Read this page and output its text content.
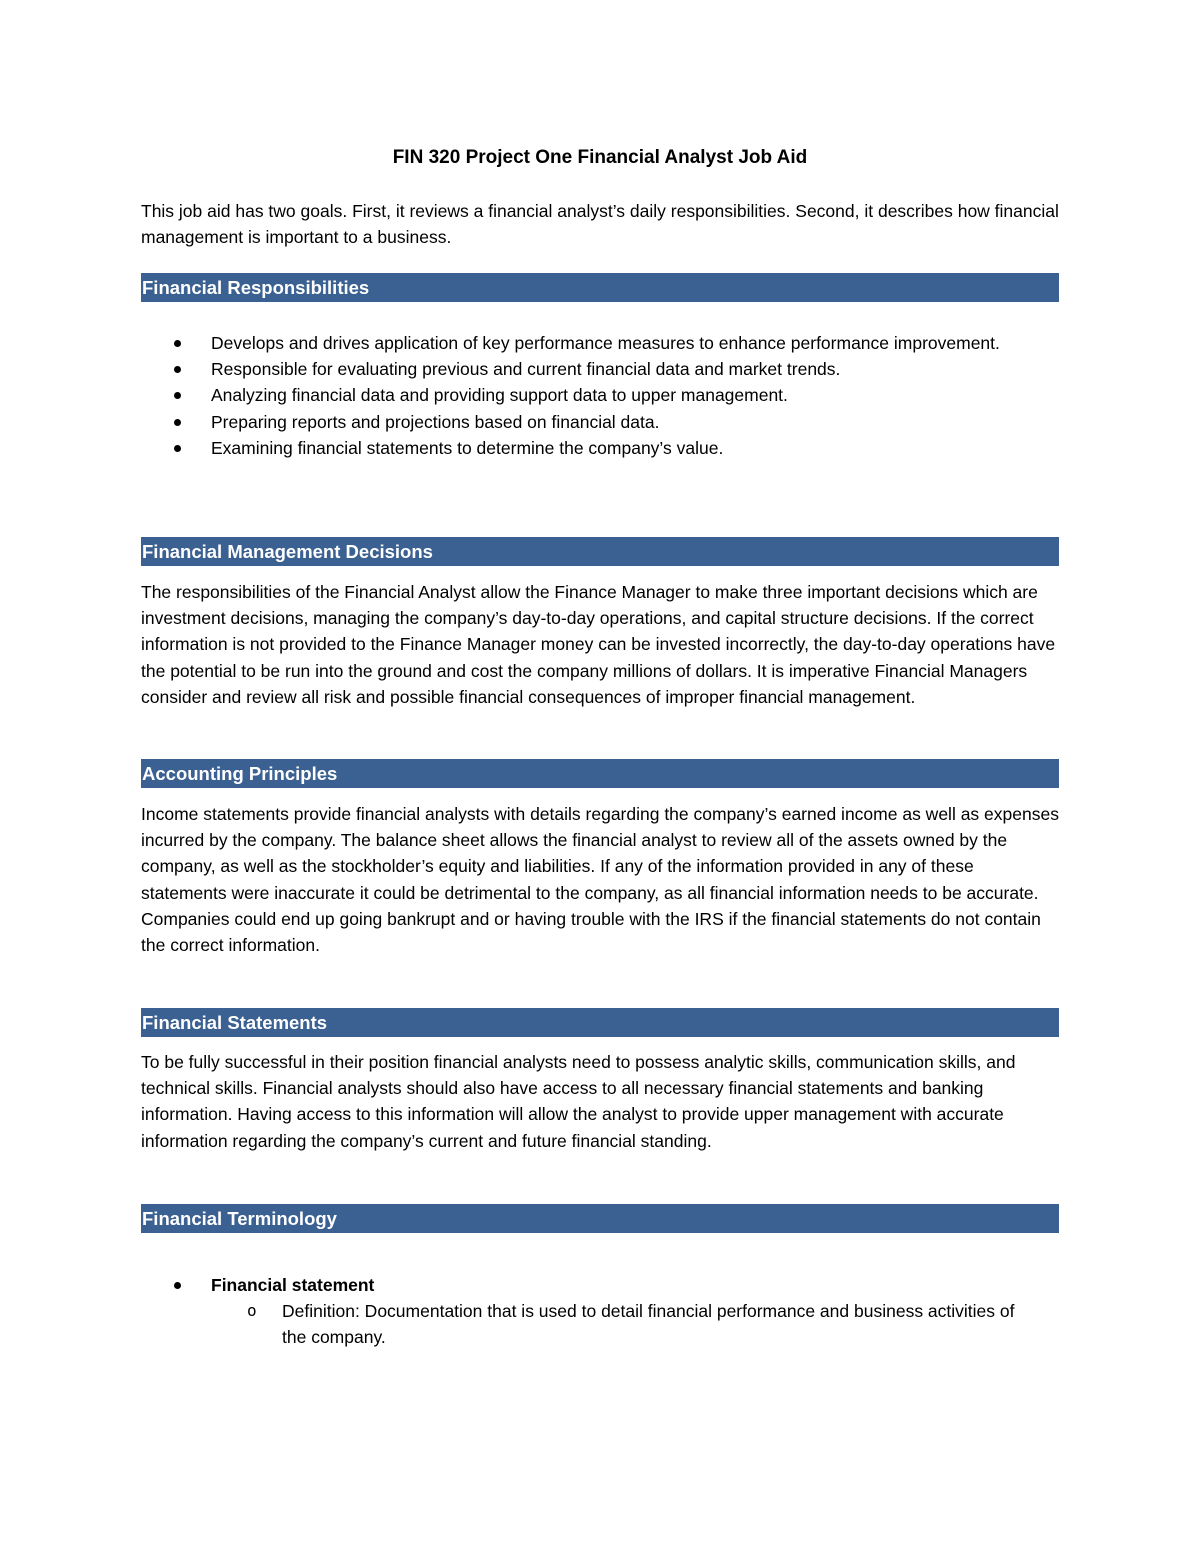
FIN 320 Project One Financial Analyst Job Aid

This job aid has two goals. First, it reviews a financial analyst’s daily responsibilities. Second, it describes how financial management is important to a business.

Financial Responsibilities
Develops and drives application of key performance measures to enhance performance improvement.
Responsible for evaluating previous and current financial data and market trends.
Analyzing financial data and providing support data to upper management.
Preparing reports and projections based on financial data.
Examining financial statements to determine the company’s value.
Financial Management Decisions

The responsibilities of the Financial Analyst allow the Finance Manager to make three important decisions which are investment decisions, managing the company’s day-to-day operations, and capital structure decisions. If the correct information is not provided to the Finance Manager money can be invested incorrectly, the day-to-day operations have the potential to be run into the ground and cost the company millions of dollars. It is imperative Financial Managers consider and review all risk and possible financial consequences of improper financial management.

Accounting Principles

Income statements provide financial analysts with details regarding the company’s earned income as well as expenses incurred by the company. The balance sheet allows the financial analyst to review all of the assets owned by the company, as well as the stockholder’s equity and liabilities. If any of the information provided in any of these statements were inaccurate it could be detrimental to the company, as all financial information needs to be accurate. Companies could end up going bankrupt and or having trouble with the IRS if the financial statements do not contain the correct information.

Financial Statements

To be fully successful in their position financial analysts need to possess analytic skills, communication skills, and technical skills. Financial analysts should also have access to all necessary financial statements and banking information. Having access to this information will allow the analyst to provide upper management with accurate information regarding the company’s current and future financial standing.

Financial Terminology
Financial statement
o Definition: Documentation that is used to detail financial performance and business activities of the company.
